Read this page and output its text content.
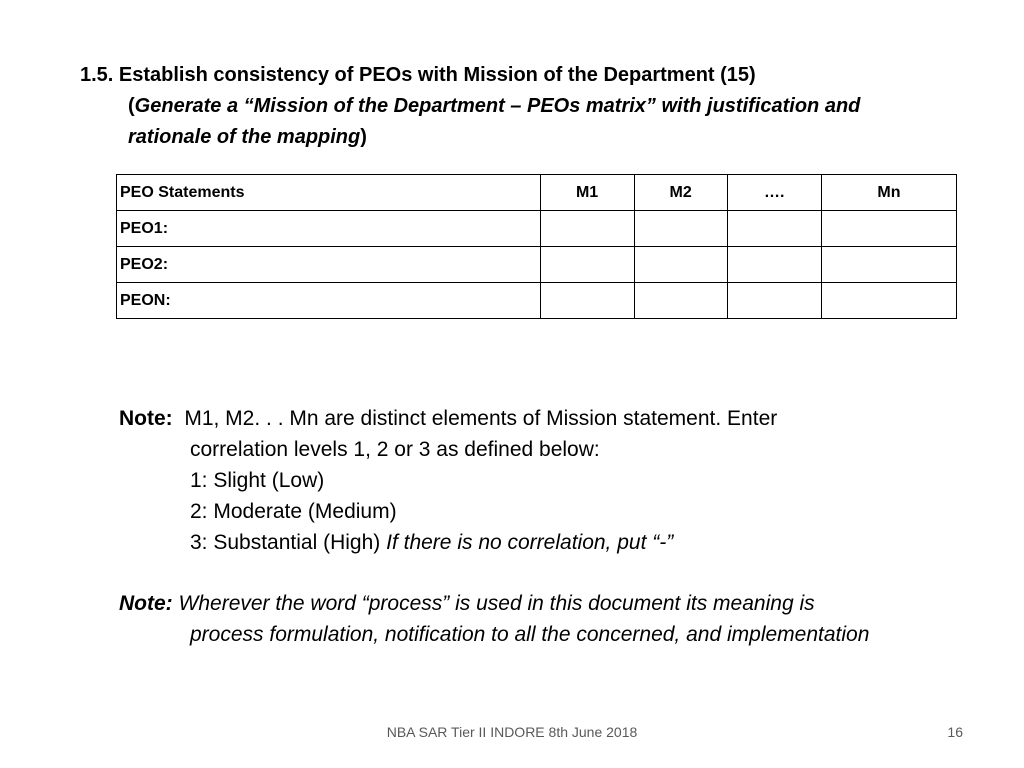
1.5. Establish consistency of PEOs with Mission of the Department (15)
(Generate a “Mission of the Department – PEOs matrix” with justification and
rationale of the mapping)
PEO Statements	M1	M2	….	Mn
PEO1:				
PEO2:				
PEON:				
Note: M1, M2. . . Mn are distinct elements of Mission statement. Enter
correlation levels 1, 2 or 3 as defined below:
1: Slight (Low)
2: Moderate (Medium)
3: Substantial (High) If there is no correlation, put “-”
Note: Wherever the word “process” is used in this document its meaning is
process formulation, notification to all the concerned, and implementation
NBA SAR Tier II INDORE 8th June 2018	16
